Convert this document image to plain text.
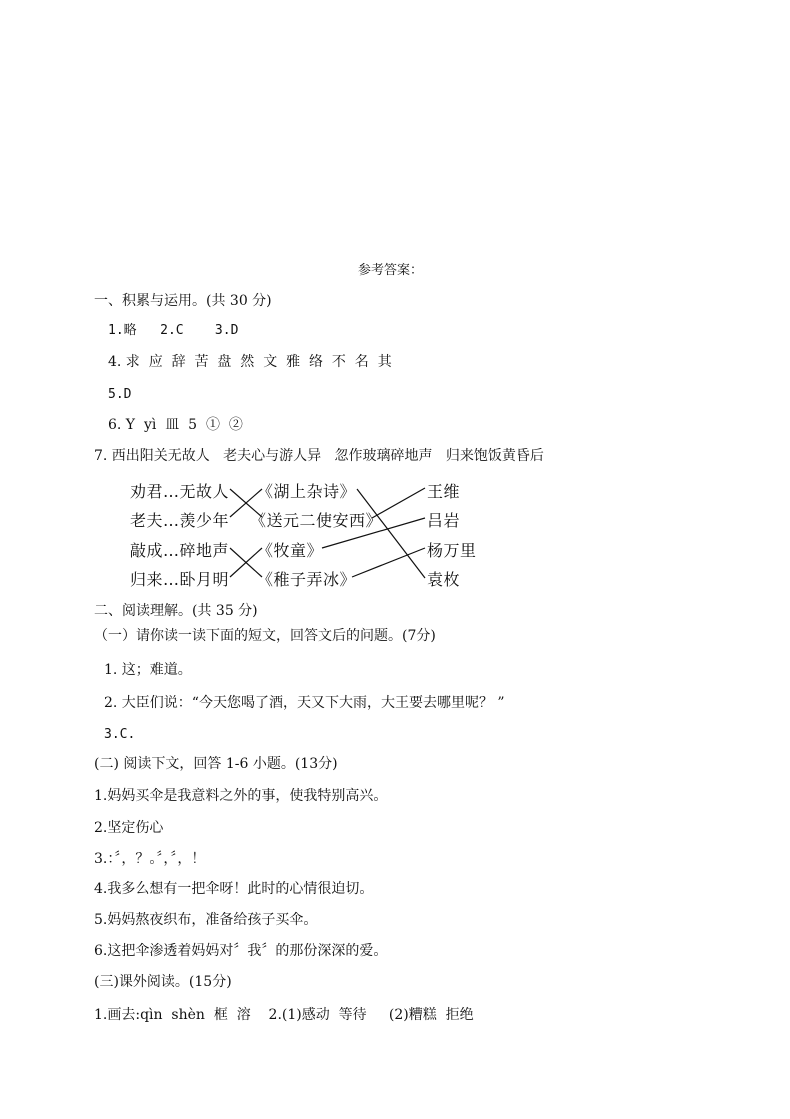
参考答案：
一、积累与运用。(共 30 分)
1.略   2.C    3.D
4. 求  应  辞  苦  盘  然  文  雅  络  不  名  其
5.D
6. Y  yì  皿  5  ①  ②
7. 西出阳关无故人   老夫心与游人异   忽作玻璃碎地声   归来饱饭黄昏后
劝君…无故人
老夫…羡少年
敲成…碎地声
归来…卧月明
《湖上杂诗》
《送元二使安西》
《牧童》
《稚子弄冰》
王维
吕岩
杨万里
袁枚
二、阅读理解。(共 35 分)
（一）请你读一读下面的短文，回答文后的问题。(7分)
1. 这；难道。
2. 大臣们说：“今天您喝了酒，天又下大雨，大王要去哪里呢？ ”
3.C.
(二) 阅读下文，回答 1-6 小题。(13分)
1.妈妈买伞是我意料之外的事，使我特别高兴。
2.坚定伤心
3.：〞，？。〞，〞，！
4.我多么想有一把伞呀！此时的心情很迫切。
5.妈妈熬夜织布，准备给孩子买伞。
6.这把伞渗透着妈妈对〞我〞的那份深深的爱。
(三)课外阅读。(15分)
1.画去:qìn  shèn  框  溶    2.(1)感动  等待     (2)糟糕  拒绝
